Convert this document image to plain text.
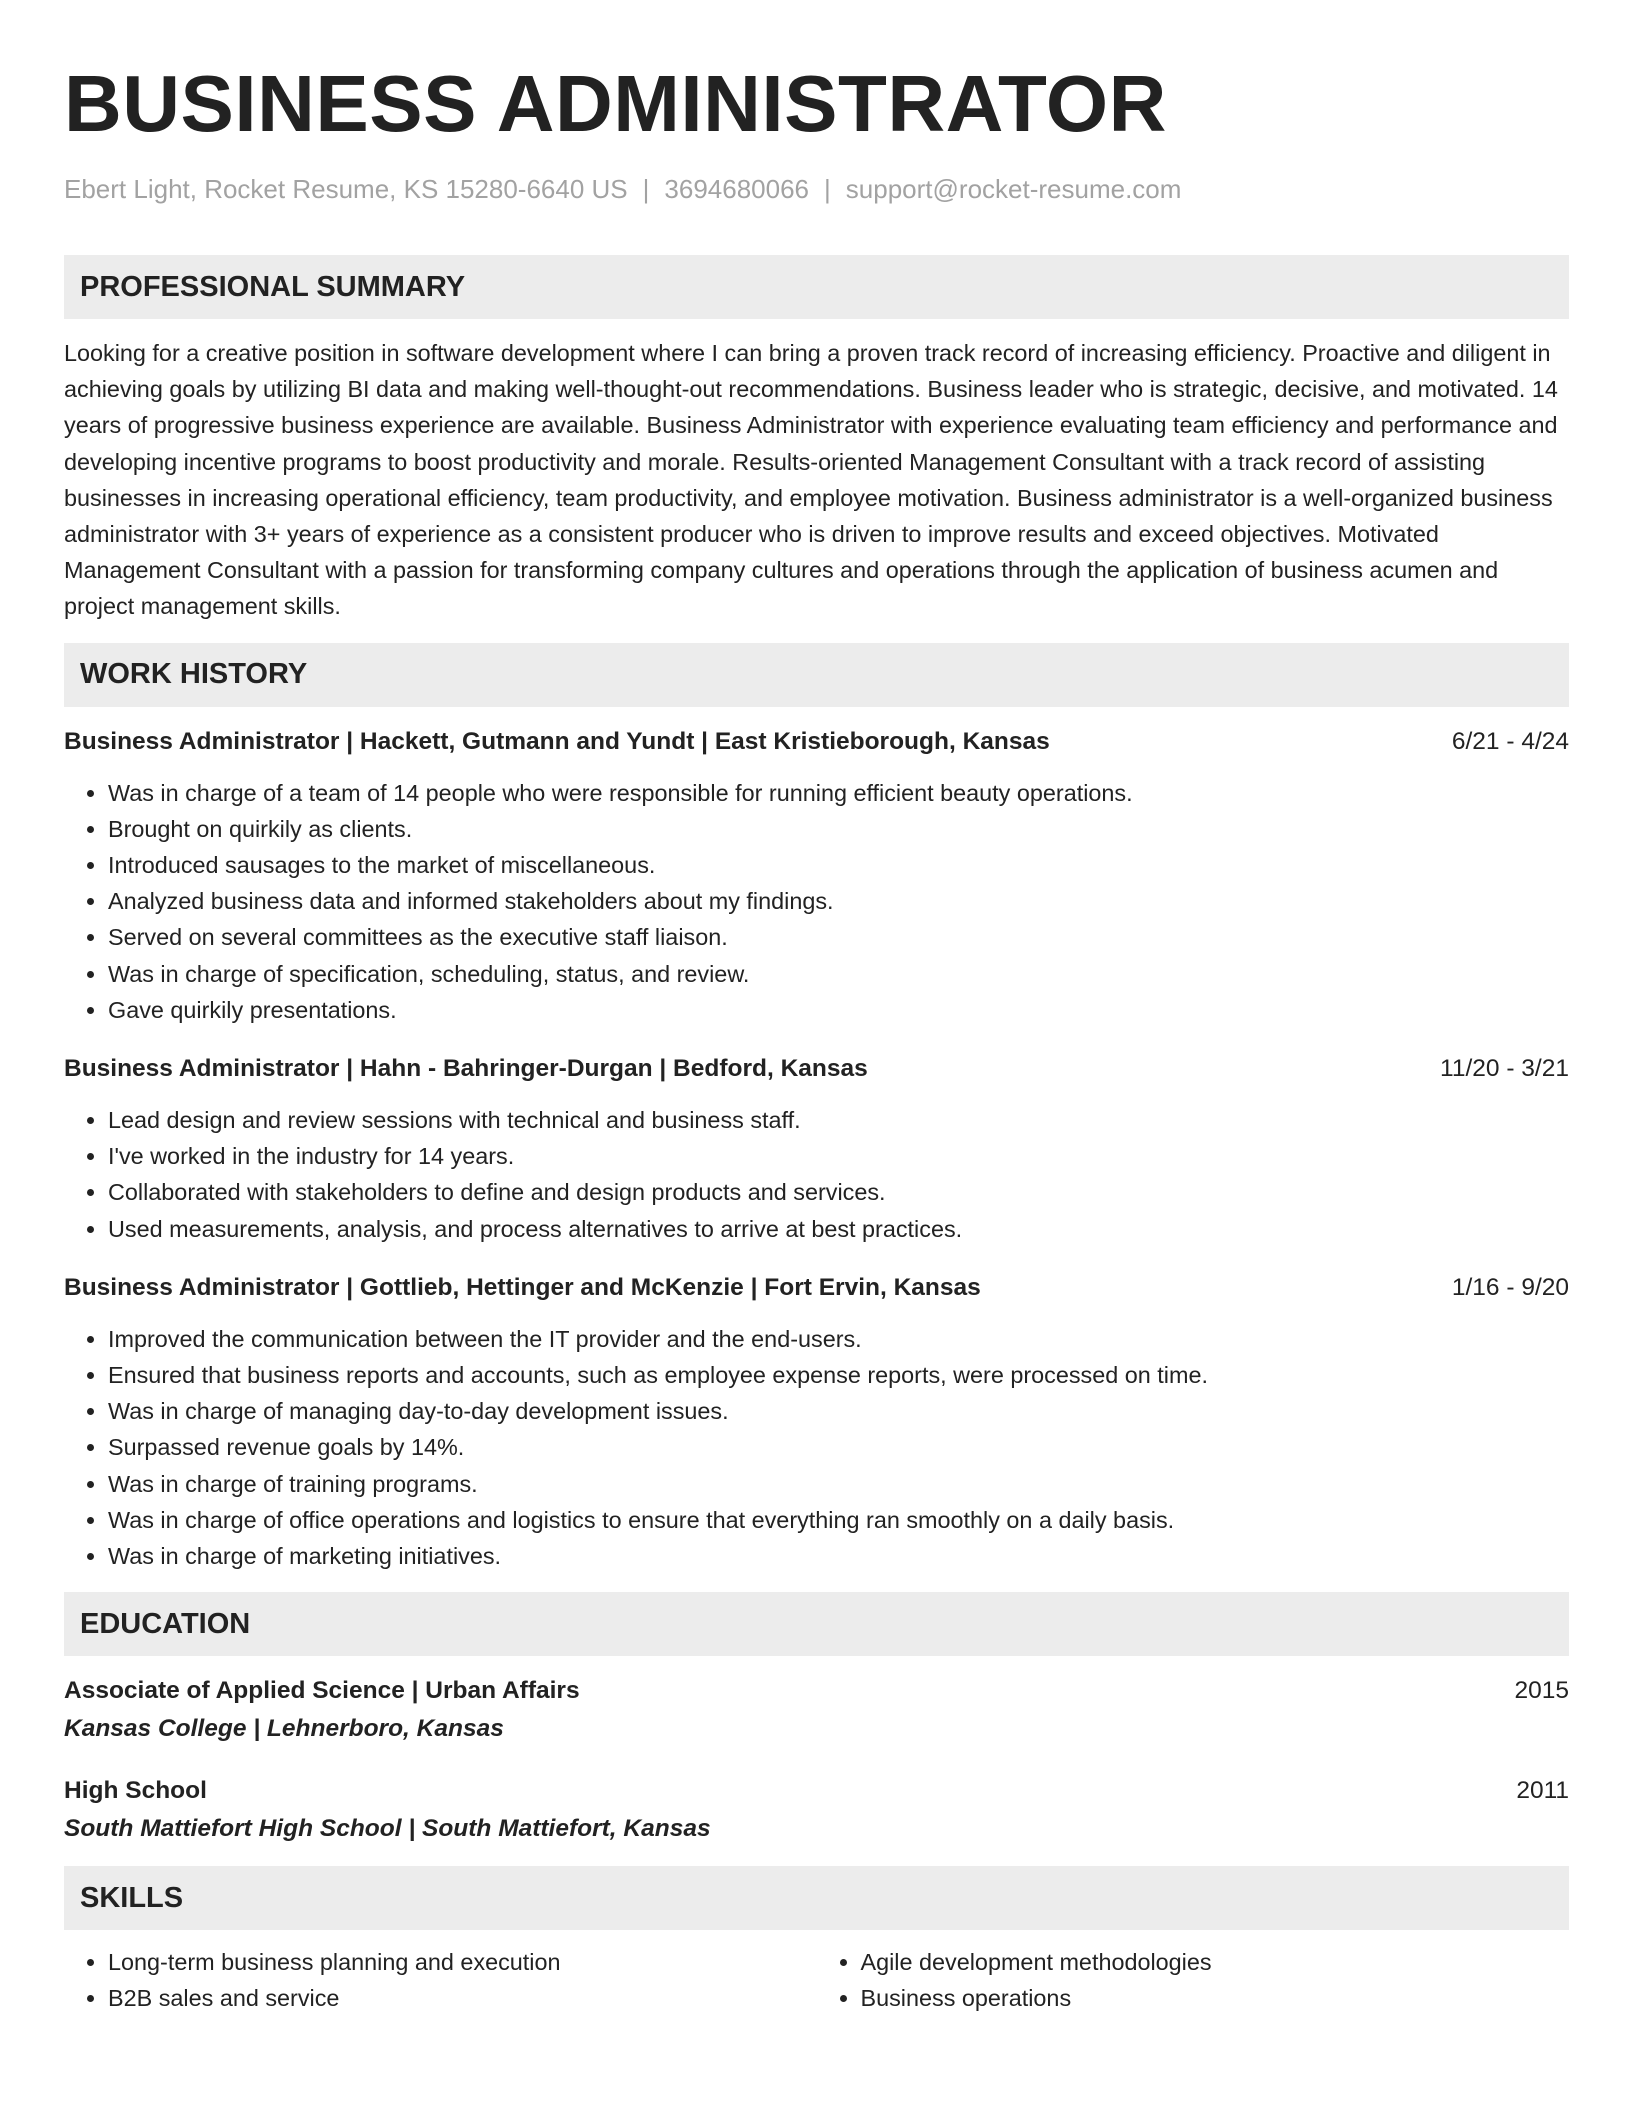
BUSINESS ADMINISTRATOR
Ebert Light, Rocket Resume, KS 15280-6640 US | 3694680066 | support@rocket-resume.com
PROFESSIONAL SUMMARY

Looking for a creative position in software development where I can bring a proven track record of increasing efficiency. Proactive and diligent in achieving goals by utilizing BI data and making well-thought-out recommendations. Business leader who is strategic, decisive, and motivated. 14 years of progressive business experience are available. Business Administrator with experience evaluating team efficiency and performance and developing incentive programs to boost productivity and morale. Results-oriented Management Consultant with a track record of assisting businesses in increasing operational efficiency, team productivity, and employee motivation. Business administrator is a well-organized business administrator with 3+ years of experience as a consistent producer who is driven to improve results and exceed objectives. Motivated Management Consultant with a passion for transforming company cultures and operations through the application of business acumen and project management skills.

WORK HISTORY
Business Administrator | Hackett, Gutmann and Yundt | East Kristieborough, Kansas	6/21 - 4/24
• Was in charge of a team of 14 people who were responsible for running efficient beauty operations.
• Brought on quirkily as clients.
• Introduced sausages to the market of miscellaneous.
• Analyzed business data and informed stakeholders about my findings.
• Served on several committees as the executive staff liaison.
• Was in charge of specification, scheduling, status, and review.
• Gave quirkily presentations.
Business Administrator | Hahn - Bahringer-Durgan | Bedford, Kansas	11/20 - 3/21
• Lead design and review sessions with technical and business staff.
• I've worked in the industry for 14 years.
• Collaborated with stakeholders to define and design products and services.
• Used measurements, analysis, and process alternatives to arrive at best practices.
Business Administrator | Gottlieb, Hettinger and McKenzie | Fort Ervin, Kansas	1/16 - 9/20
• Improved the communication between the IT provider and the end-users.
• Ensured that business reports and accounts, such as employee expense reports, were processed on time.
• Was in charge of managing day-to-day development issues.
• Surpassed revenue goals by 14%.
• Was in charge of training programs.
• Was in charge of office operations and logistics to ensure that everything ran smoothly on a daily basis.
• Was in charge of marketing initiatives.
EDUCATION
Associate of Applied Science | Urban Affairs	2015
Kansas College | Lehnerboro, Kansas
High School	2011
South Mattiefort High School | South Mattiefort, Kansas
SKILLS
• Long-term business planning and execution
• B2B sales and service
• Agile development methodologies
• Business operations
